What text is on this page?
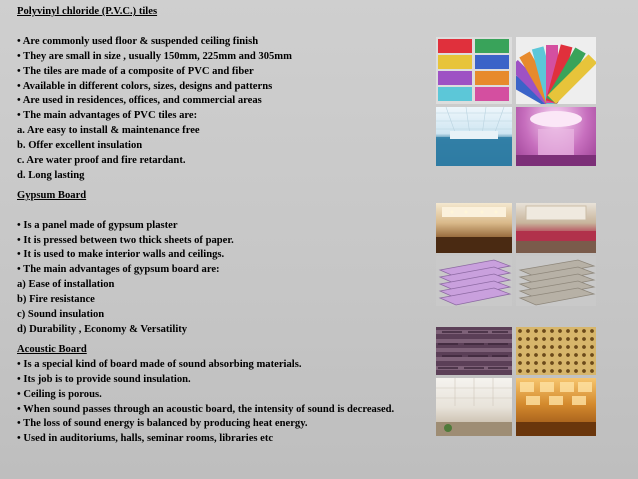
Polyvinyl chloride (P.V.C.) tiles
• Are commonly used floor & suspended ceiling finish
• They are small in size , usually 150mm, 225mm and 305mm
• The tiles are made of a composite of PVC and fiber
• Available in different colors, sizes, designs and patterns
• Are used in residences, offices, and commercial areas
• The main advantages of PVC tiles are:
a. Are easy to install & maintenance free
b. Offer excellent insulation
c. Are water proof and fire retardant.
d. Long lasting
Gypsum Board
• Is a panel made of gypsum plaster
• It is pressed between two thick sheets of paper.
• It is used to make interior walls and ceilings.
• The main advantages of gypsum board are:
a) Ease of installation
b) Fire resistance
c) Sound insulation
d) Durability , Economy & Versatility
Acoustic Board
• Is a special kind of board made of sound absorbing materials.
• Its job is to provide sound insulation.
• Ceiling is porous.
• When sound passes through an acoustic board, the intensity of sound is decreased.
• The loss of sound energy is balanced by producing heat energy.
• Used in auditoriums, halls, seminar rooms, libraries etc
